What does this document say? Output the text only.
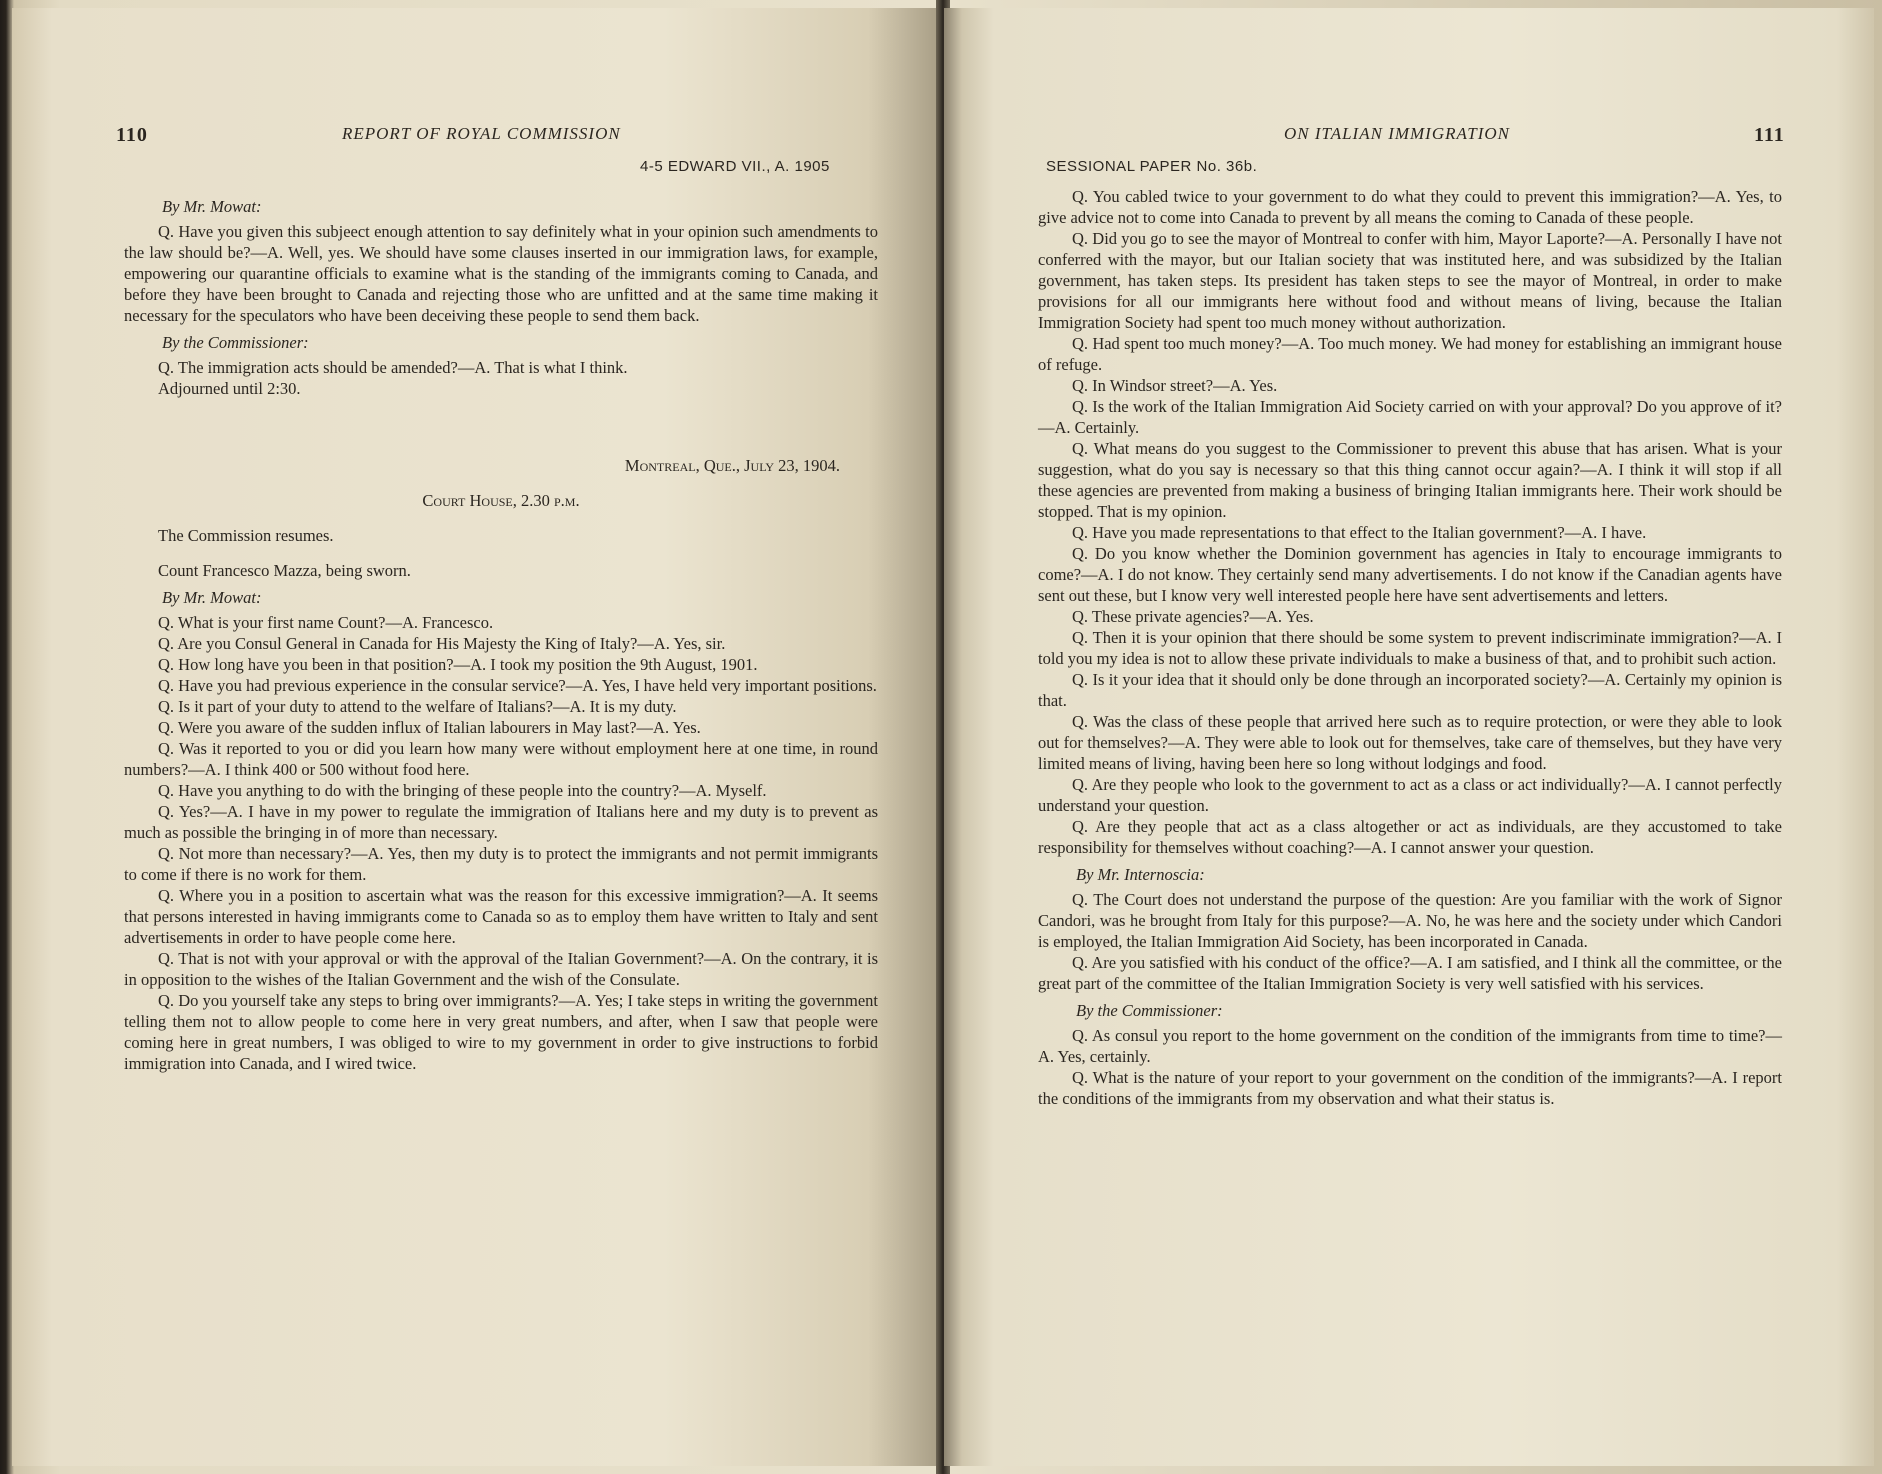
110	REPORT OF ROYAL COMMISSION
4-5 EDWARD VII., A. 1905
By Mr. Mowat:

Q. Have you given this subjeect enough attention to say definitely what in your opinion such amendments to the law should be?—A. Well, yes. We should have some clauses inserted in our immigration laws, for example, empowering our quarantine officials to examine what is the standing of the immigrants coming to Canada, and before they have been brought to Canada and rejecting those who are unfitted and at the same time making it necessary for the speculators who have been deceiving these people to send them back.

By the Commissioner:

Q. The immigration acts should be amended?—A. That is what I think.

Adjourned until 2:30.

Montreal, Que., July 23, 1904.
Court House, 2.30 p.m.

The Commission resumes.

Count Francesco Mazza, being sworn.

By Mr. Mowat:

Q. What is your first name Count?—A. Francesco.

Q. Are you Consul General in Canada for His Majesty the King of Italy?—A. Yes, sir.

Q. How long have you been in that position?—A. I took my position the 9th August, 1901.

Q. Have you had previous experience in the consular service?—A. Yes, I have held very important positions.

Q. Is it part of your duty to attend to the welfare of Italians?—A. It is my duty.

Q. Were you aware of the sudden influx of Italian labourers in May last?—A. Yes.

Q. Was it reported to you or did you learn how many were without employment here at one time, in round numbers?—A. I think 400 or 500 without food here.

Q. Have you anything to do with the bringing of these people into the country?—A. Myself.

Q. Yes?—A. I have in my power to regulate the immigration of Italians here and my duty is to prevent as much as possible the bringing in of more than necessary.

Q. Not more than necessary?—A. Yes, then my duty is to protect the immigrants and not permit immigrants to come if there is no work for them.

Q. Where you in a position to ascertain what was the reason for this excessive immigration?—A. It seems that persons interested in having immigrants come to Canada so as to employ them have written to Italy and sent advertisements in order to have people come here.

Q. That is not with your approval or with the approval of the Italian Government?—A. On the contrary, it is in opposition to the wishes of the Italian Government and the wish of the Consulate.

Q. Do you yourself take any steps to bring over immigrants?—A. Yes; I take steps in writing the government telling them not to allow people to come here in very great numbers, and after, when I saw that people were coming here in great numbers, I was obliged to wire to my government in order to give instructions to forbid immigration into Canada, and I wired twice.

ON ITALIAN IMMIGRATION	111
SESSIONAL PAPER No. 36b.

Q. You cabled twice to your government to do what they could to prevent this immigration?—A. Yes, to give advice not to come into Canada to prevent by all means the coming to Canada of these people.

Q. Did you go to see the mayor of Montreal to confer with him, Mayor Laporte?—A. Personally I have not conferred with the mayor, but our Italian society that was instituted here, and was subsidized by the Italian government, has taken steps. Its president has taken steps to see the mayor of Montreal, in order to make provisions for all our immigrants here without food and without means of living, because the Italian Immigration Society had spent too much money without authorization.

Q. Had spent too much money?—A. Too much money. We had money for establishing an immigrant house of refuge.

Q. In Windsor street?—A. Yes.

Q. Is the work of the Italian Immigration Aid Society carried on with your approval? Do you approve of it?—A. Certainly.

Q. What means do you suggest to the Commissioner to prevent this abuse that has arisen. What is your suggestion, what do you say is necessary so that this thing cannot occur again?—A. I think it will stop if all these agencies are prevented from making a business of bringing Italian immigrants here. Their work should be stopped. That is my opinion.

Q. Have you made representations to that effect to the Italian government?—A. I have.

Q. Do you know whether the Dominion government has agencies in Italy to encourage immigrants to come?—A. I do not know. They certainly send many advertisements. I do not know if the Canadian agents have sent out these, but I know very well interested people here have sent advertisements and letters.

Q. These private agencies?—A. Yes.

Q. Then it is your opinion that there should be some system to prevent indiscriminate immigration?—A. I told you my idea is not to allow these private individuals to make a business of that, and to prohibit such action.

Q. Is it your idea that it should only be done through an incorporated society?—A. Certainly my opinion is that.

Q. Was the class of these people that arrived here such as to require protection, or were they able to look out for themselves?—A. They were able to look out for themselves, take care of themselves, but they have very limited means of living, having been here so long without lodgings and food.

Q. Are they people who look to the government to act as a class or act individually?—A. I cannot perfectly understand your question.

Q. Are they people that act as a class altogether or act as individuals, are they accustomed to take responsibility for themselves without coaching?—A. I cannot answer your question.

By Mr. Internoscia:

Q. The Court does not understand the purpose of the question: Are you familiar with the work of Signor Candori, was he brought from Italy for this purpose?—A. No, he was here and the society under which Candori is employed, the Italian Immigration Aid Society, has been incorporated in Canada.

Q. Are you satisfied with his conduct of the office?—A. I am satisfied, and I think all the committee, or the great part of the committee of the Italian Immigration Society is very well satisfied with his services.

By the Commissioner:

Q. As consul you report to the home government on the condition of the immigrants from time to time?—A. Yes, certainly.

Q. What is the nature of your report to your government on the condition of the immigrants?—A. I report the conditions of the immigrants from my observation and what their status is.
